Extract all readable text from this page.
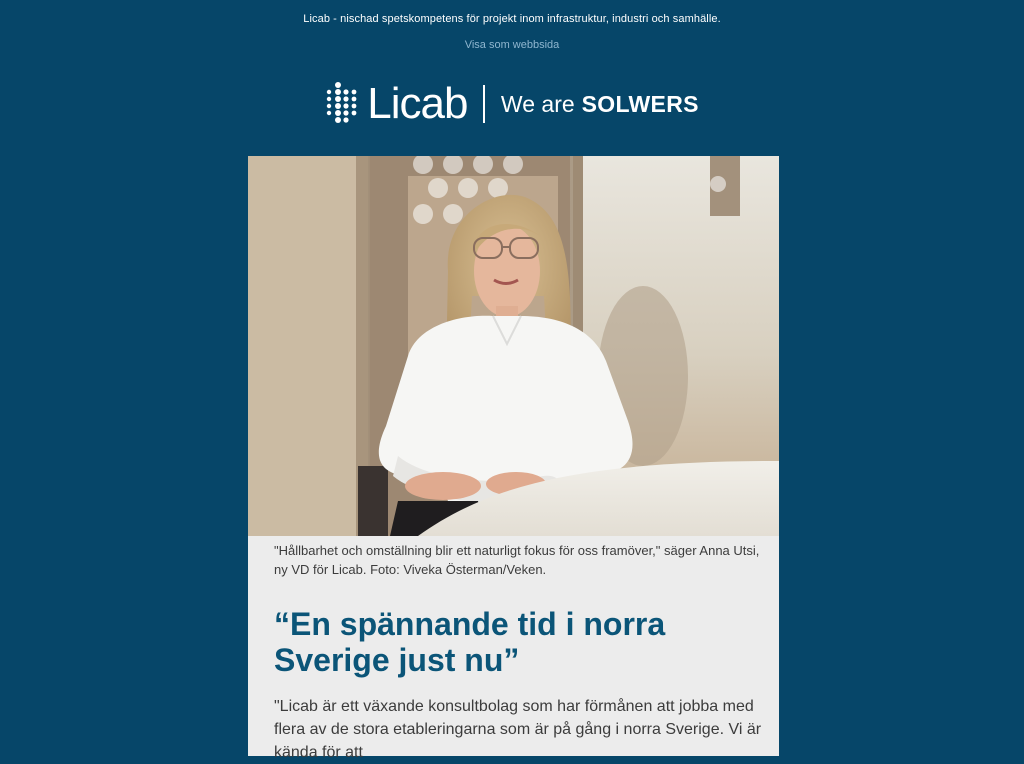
Licab - nischad spetskompetens för projekt inom infrastruktur, industri och samhälle.
Visa som webbsida
Licab We are SOLWERS
"Hållbarhet och omställning blir ett naturligt fokus för oss framöver," säger Anna Utsi, ny VD för Licab. Foto: Viveka Österman/Veken.
“En spännande tid i norra Sverige just nu”
"Licab är ett växande konsultbolag som har förmånen att jobba med flera av de stora etableringarna som är på gång i norra Sverige. Vi är kända för att
